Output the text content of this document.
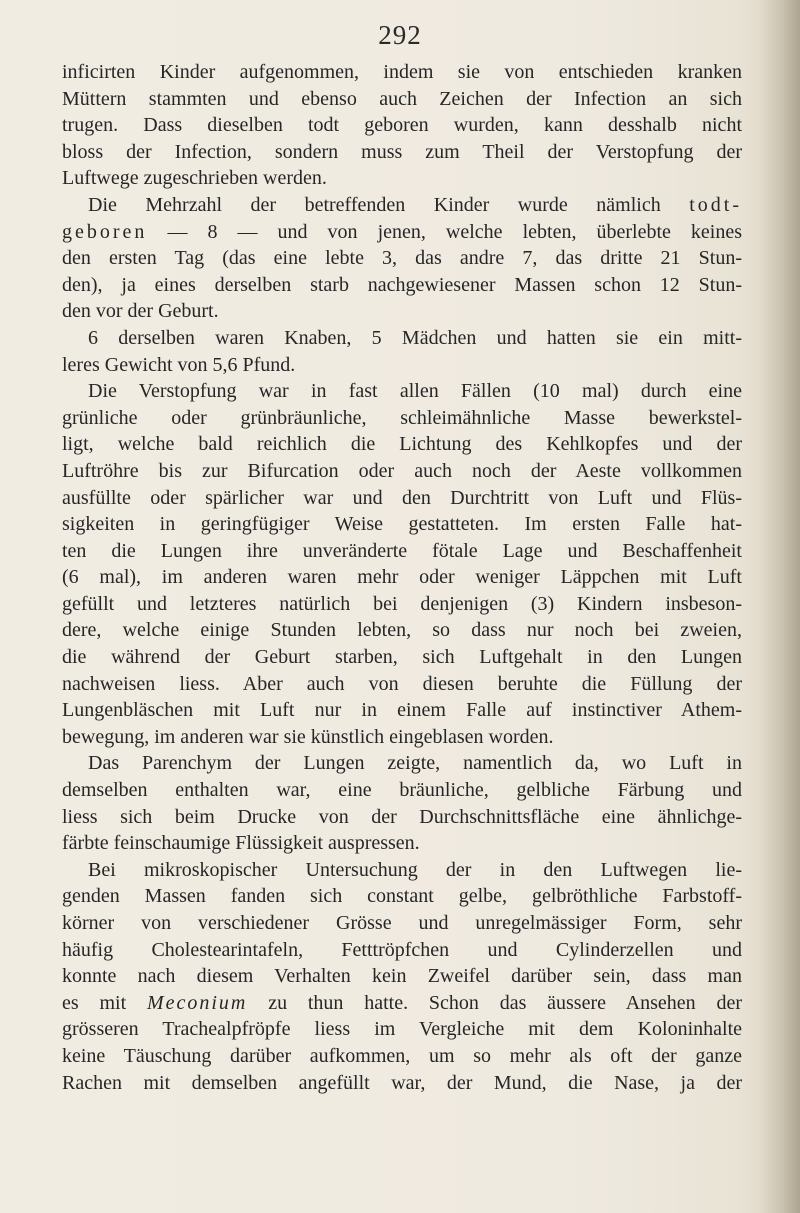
292
inficirten Kinder aufgenommen, indem sie von entschieden kranken
Müttern stammten und ebenso auch Zeichen der Infection an sich
trugen. Dass dieselben todt geboren wurden, kann desshalb nicht
bloss der Infection, sondern muss zum Theil der Verstopfung der
Luftwege zugeschrieben werden.
Die Mehrzahl der betreffenden Kinder wurde nämlich todt-
geboren — 8 — und von jenen, welche lebten, überlebte keines
den ersten Tag (das eine lebte 3, das andre 7, das dritte 21 Stun-
den), ja eines derselben starb nachgewiesener Massen schon 12 Stun-
den vor der Geburt.
6 derselben waren Knaben, 5 Mädchen und hatten sie ein mitt-
leres Gewicht von 5,6 Pfund.
Die Verstopfung war in fast allen Fällen (10 mal) durch eine
grünliche oder grünbräunliche, schleimähnliche Masse bewerkstel-
ligt, welche bald reichlich die Lichtung des Kehlkopfes und der
Luftröhre bis zur Bifurcation oder auch noch der Aeste vollkommen
ausfüllte oder spärlicher war und den Durchtritt von Luft und Flüs-
sigkeiten in geringfügiger Weise gestatteten. Im ersten Falle hat-
ten die Lungen ihre unveränderte fötale Lage und Beschaffenheit
(6 mal), im anderen waren mehr oder weniger Läppchen mit Luft
gefüllt und letzteres natürlich bei denjenigen (3) Kindern insbeson-
dere, welche einige Stunden lebten, so dass nur noch bei zweien,
die während der Geburt starben, sich Luftgehalt in den Lungen
nachweisen liess. Aber auch von diesen beruhte die Füllung der
Lungenbläschen mit Luft nur in einem Falle auf instinctiver Athem-
bewegung, im anderen war sie künstlich eingeblasen worden.
Das Parenchym der Lungen zeigte, namentlich da, wo Luft in
demselben enthalten war, eine bräunliche, gelbliche Färbung und
liess sich beim Drucke von der Durchschnittsfläche eine ähnlichge-
färbte feinschaumige Flüssigkeit auspressen.
Bei mikroskopischer Untersuchung der in den Luftwegen lie-
genden Massen fanden sich constant gelbe, gelbröthliche Farbstoff-
körner von verschiedener Grösse und unregelmässiger Form, sehr
häufig Cholestearintafeln, Fetttröpfchen und Cylinderzellen und
konnte nach diesem Verhalten kein Zweifel darüber sein, dass man
es mit Meconium zu thun hatte. Schon das äussere Ansehen der
grösseren Trachealpfröpfe liess im Vergleiche mit dem Koloninhalte
keine Täuschung darüber aufkommen, um so mehr als oft der ganze
Rachen mit demselben angefüllt war, der Mund, die Nase, ja der
